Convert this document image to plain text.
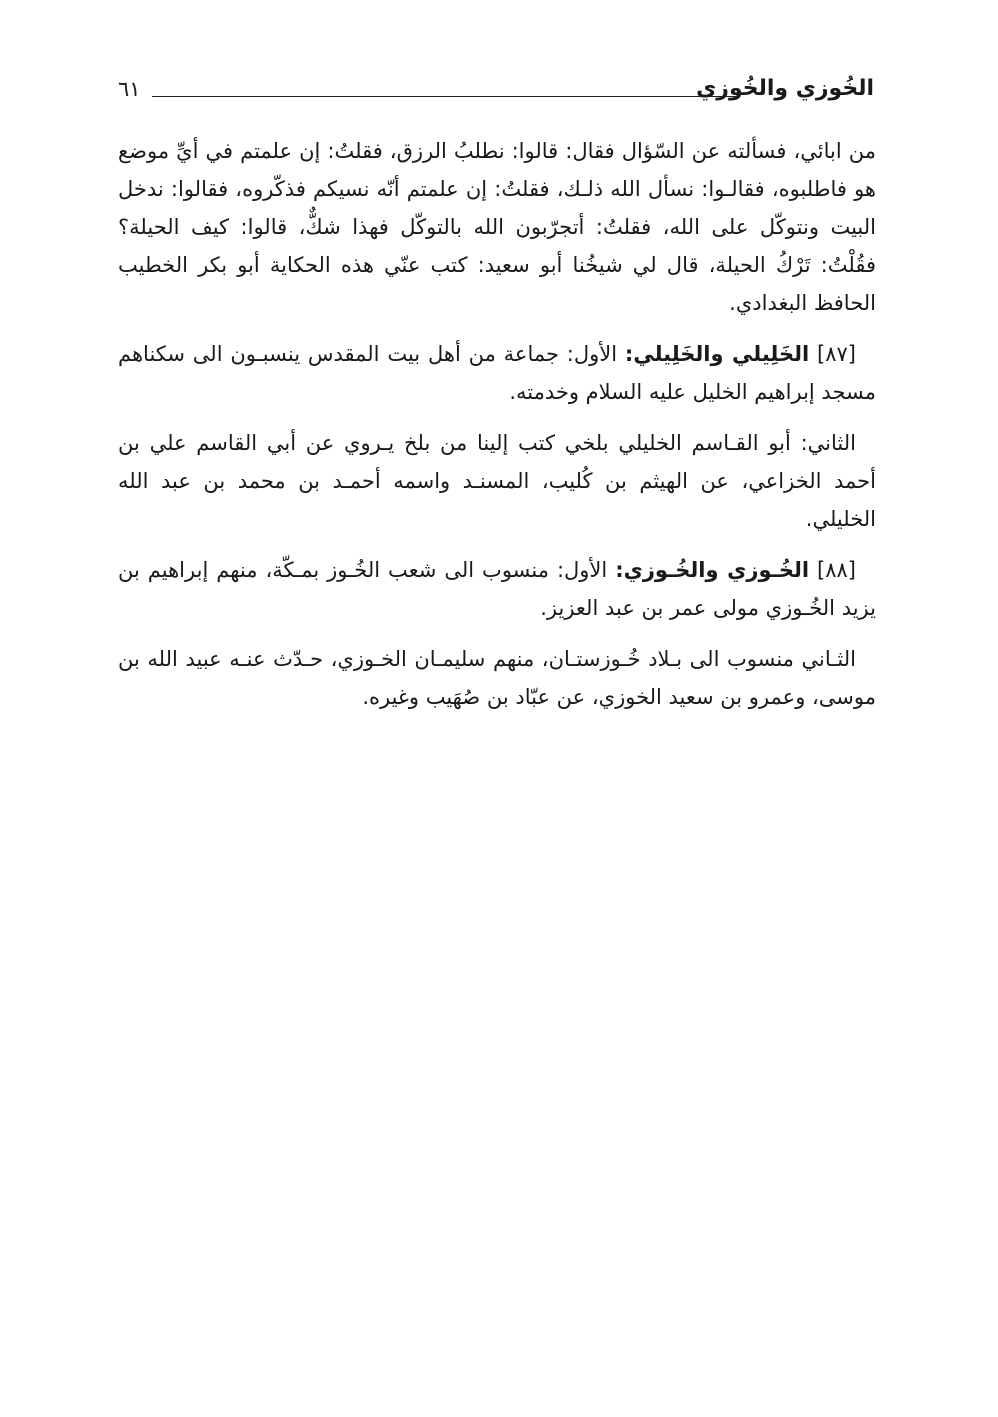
الخُوزي والخُوزي
٦١

من ابائي، فسألته عن السّؤال فقال: قالوا: نطلبُ الرزق، فقلتُ: إن علمتم في أيِّ موضع هو فاطلبوه، فقالـوا: نسأل الله ذلـك، فقلتُ: إن علمتم أنّه نسيكم فذكّروه، فقالوا: ندخل البيت ونتوكّل على الله، فقلتُ: أتجرّبون الله بالتوكّل فهذا شكٌّ، قالوا: كيف الحيلة؟ فقُلْتُ: تَرْكُ الحيلة، قال لي شيخُنا أبو سعيد: كتب عنّي هذه الحكاية أبو بكر الخطيب الحافظ البغدادي.

[٨٧] الخَلِيلي والخَلِيلي: الأول: جماعة من أهل بيت المقدس ينسبـون الى سكناهم مسجد إبراهيم الخليل عليه السلام وخدمته.

الثاني: أبو القـاسم الخليلي بلخي كتب إلينا من بلخ يـروي عن أبي القاسم علي بن أحمد الخزاعي، عن الهيثم بن كُليب، المسنـد واسمه أحمـد بن محمد بن عبد الله الخليلي.

[٨٨] الخُـوزي والخُـوزي: الأول: منسوب الى شعب الخُـوز بمـكّة، منهم إبراهيم بن يزيد الخُـوزي مولى عمر بن عبد العزيز.

الثـاني منسوب الى بـلاد خُـوزستـان، منهم سليمـان الخـوزي، حـدّث عنـه عبيد الله بن موسى، وعمرو بن سعيد الخوزي، عن عبّاد بن صُهَيب وغيره.
